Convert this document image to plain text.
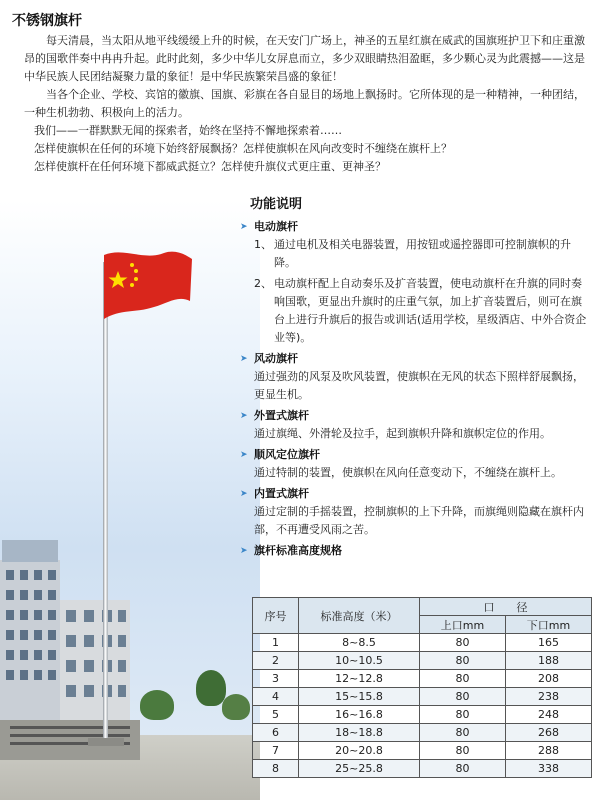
不锈钢旗杆

每天清晨，当太阳从地平线缓缓上升的时候，在天安门广场上，神圣的五星红旗在威武的国旗班护卫下和庄重激昂的国歌伴奏中冉冉升起。此时此刻，多少中华儿女屏息而立，多少双眼睛热泪盈眶，多少颗心灵为此震撼——这是中华民族人民团结凝聚力量的象征！是中华民族繁荣昌盛的象征！

当各个企业、学校、宾馆的徽旗、国旗、彩旗在各自显目的场地上飘扬时。它所体现的是一种精神，一种团结，一种生机勃勃、积极向上的活力。

我们——一群默默无闻的探索者，始终在坚持不懈地探索着……

怎样使旗帜在任何的环境下始终舒展飘扬？怎样使旗帜在风向改变时不缠绕在旗杆上？

怎样使旗杆在任何环境下都威武挺立？怎样使升旗仪式更庄重、更神圣？

功能说明
➤ 电动旗杆
1、 通过电机及相关电器装置，用按钮或遥控器即可控制旗帜的升降。
2、 电动旗杆配上自动奏乐及扩音装置，使电动旗杆在升旗的同时奏响国歌，更显出升旗时的庄重气氛，加上扩音装置后，则可在旗台上进行升旗后的报告或训话(适用学校，星级酒店、中外合资企业等)。
➤ 风动旗杆
通过强劲的风泵及吹风装置，使旗帜在无风的状态下照样舒展飘扬，更显生机。
➤ 外置式旗杆
通过旗绳、外滑轮及拉手，起到旗帜升降和旗帜定位的作用。
➤ 顺风定位旗杆
通过特制的装置，使旗帜在风向任意变动下，不缠绕在旗杆上。
➤ 内置式旗杆
通过定制的手摇装置，控制旗帜的上下升降，而旗绳则隐藏在旗杆内部，不再遭受风雨之苦。
➤ 旗杆标准高度规格
序号	标准高度（米）	口　　径	
		上口mm	下口mm
1	8~8.5	80	165
2	10~10.5	80	188
3	12~12.8	80	208
4	15~15.8	80	238
5	16~16.8	80	248
6	18~18.8	80	268
7	20~20.8	80	288
8	25~25.8	80	338
